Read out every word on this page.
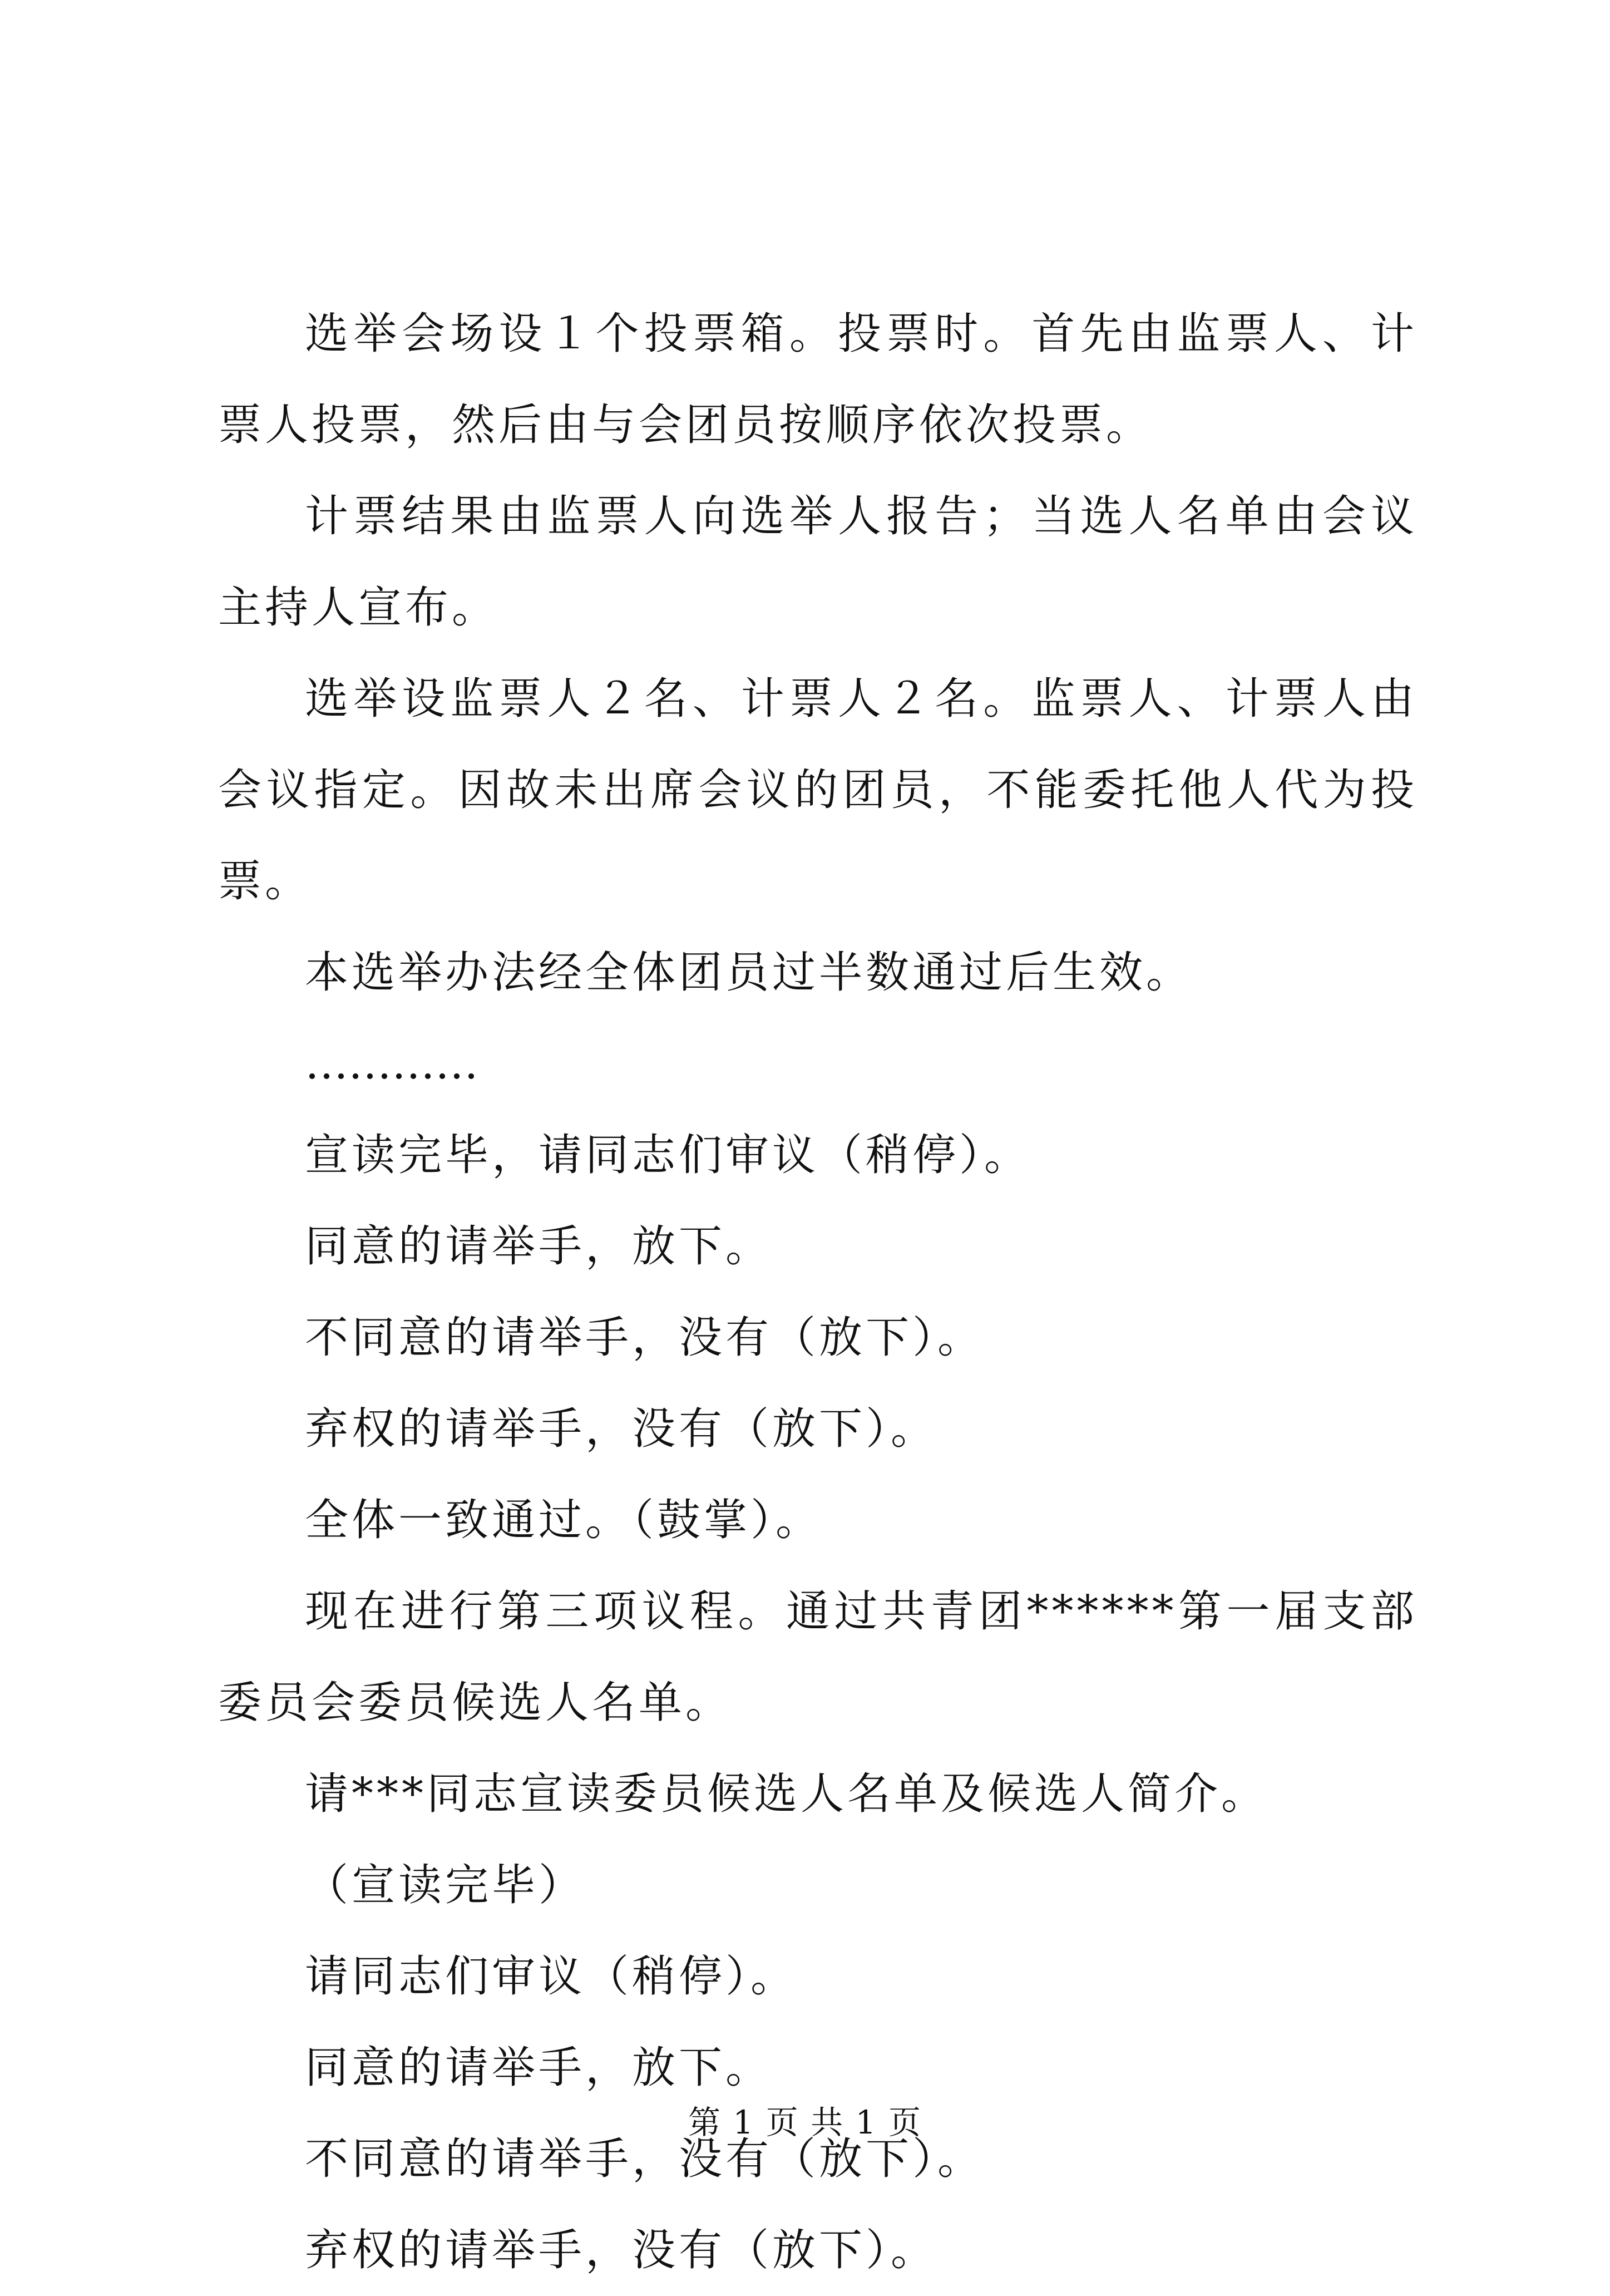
选举会场设１个投票箱。投票时。首先由监票人、计票人投票，然后由与会团员按顺序依次投票。

计票结果由监票人向选举人报告；当选人名单由会议主持人宣布。

选举设监票人２名、计票人２名。监票人、计票人由会议指定。因故未出席会议的团员，不能委托他人代为投票。

本选举办法经全体团员过半数通过后生效。

…………

宣读完毕，请同志们审议（稍停）。

同意的请举手，放下。

不同意的请举手，没有（放下）。

弃权的请举手，没有（放下）。

全体一致通过。（鼓掌）。

现在进行第三项议程。通过共青团******第一届支部委员会委员候选人名单。

请***同志宣读委员候选人名单及候选人简介。

（宣读完毕）

请同志们审议（稍停）。

同意的请举手，放下。

不同意的请举手，没有（放下）。

弃权的请举手，没有（放下）。

第 1 页 共 1 页
